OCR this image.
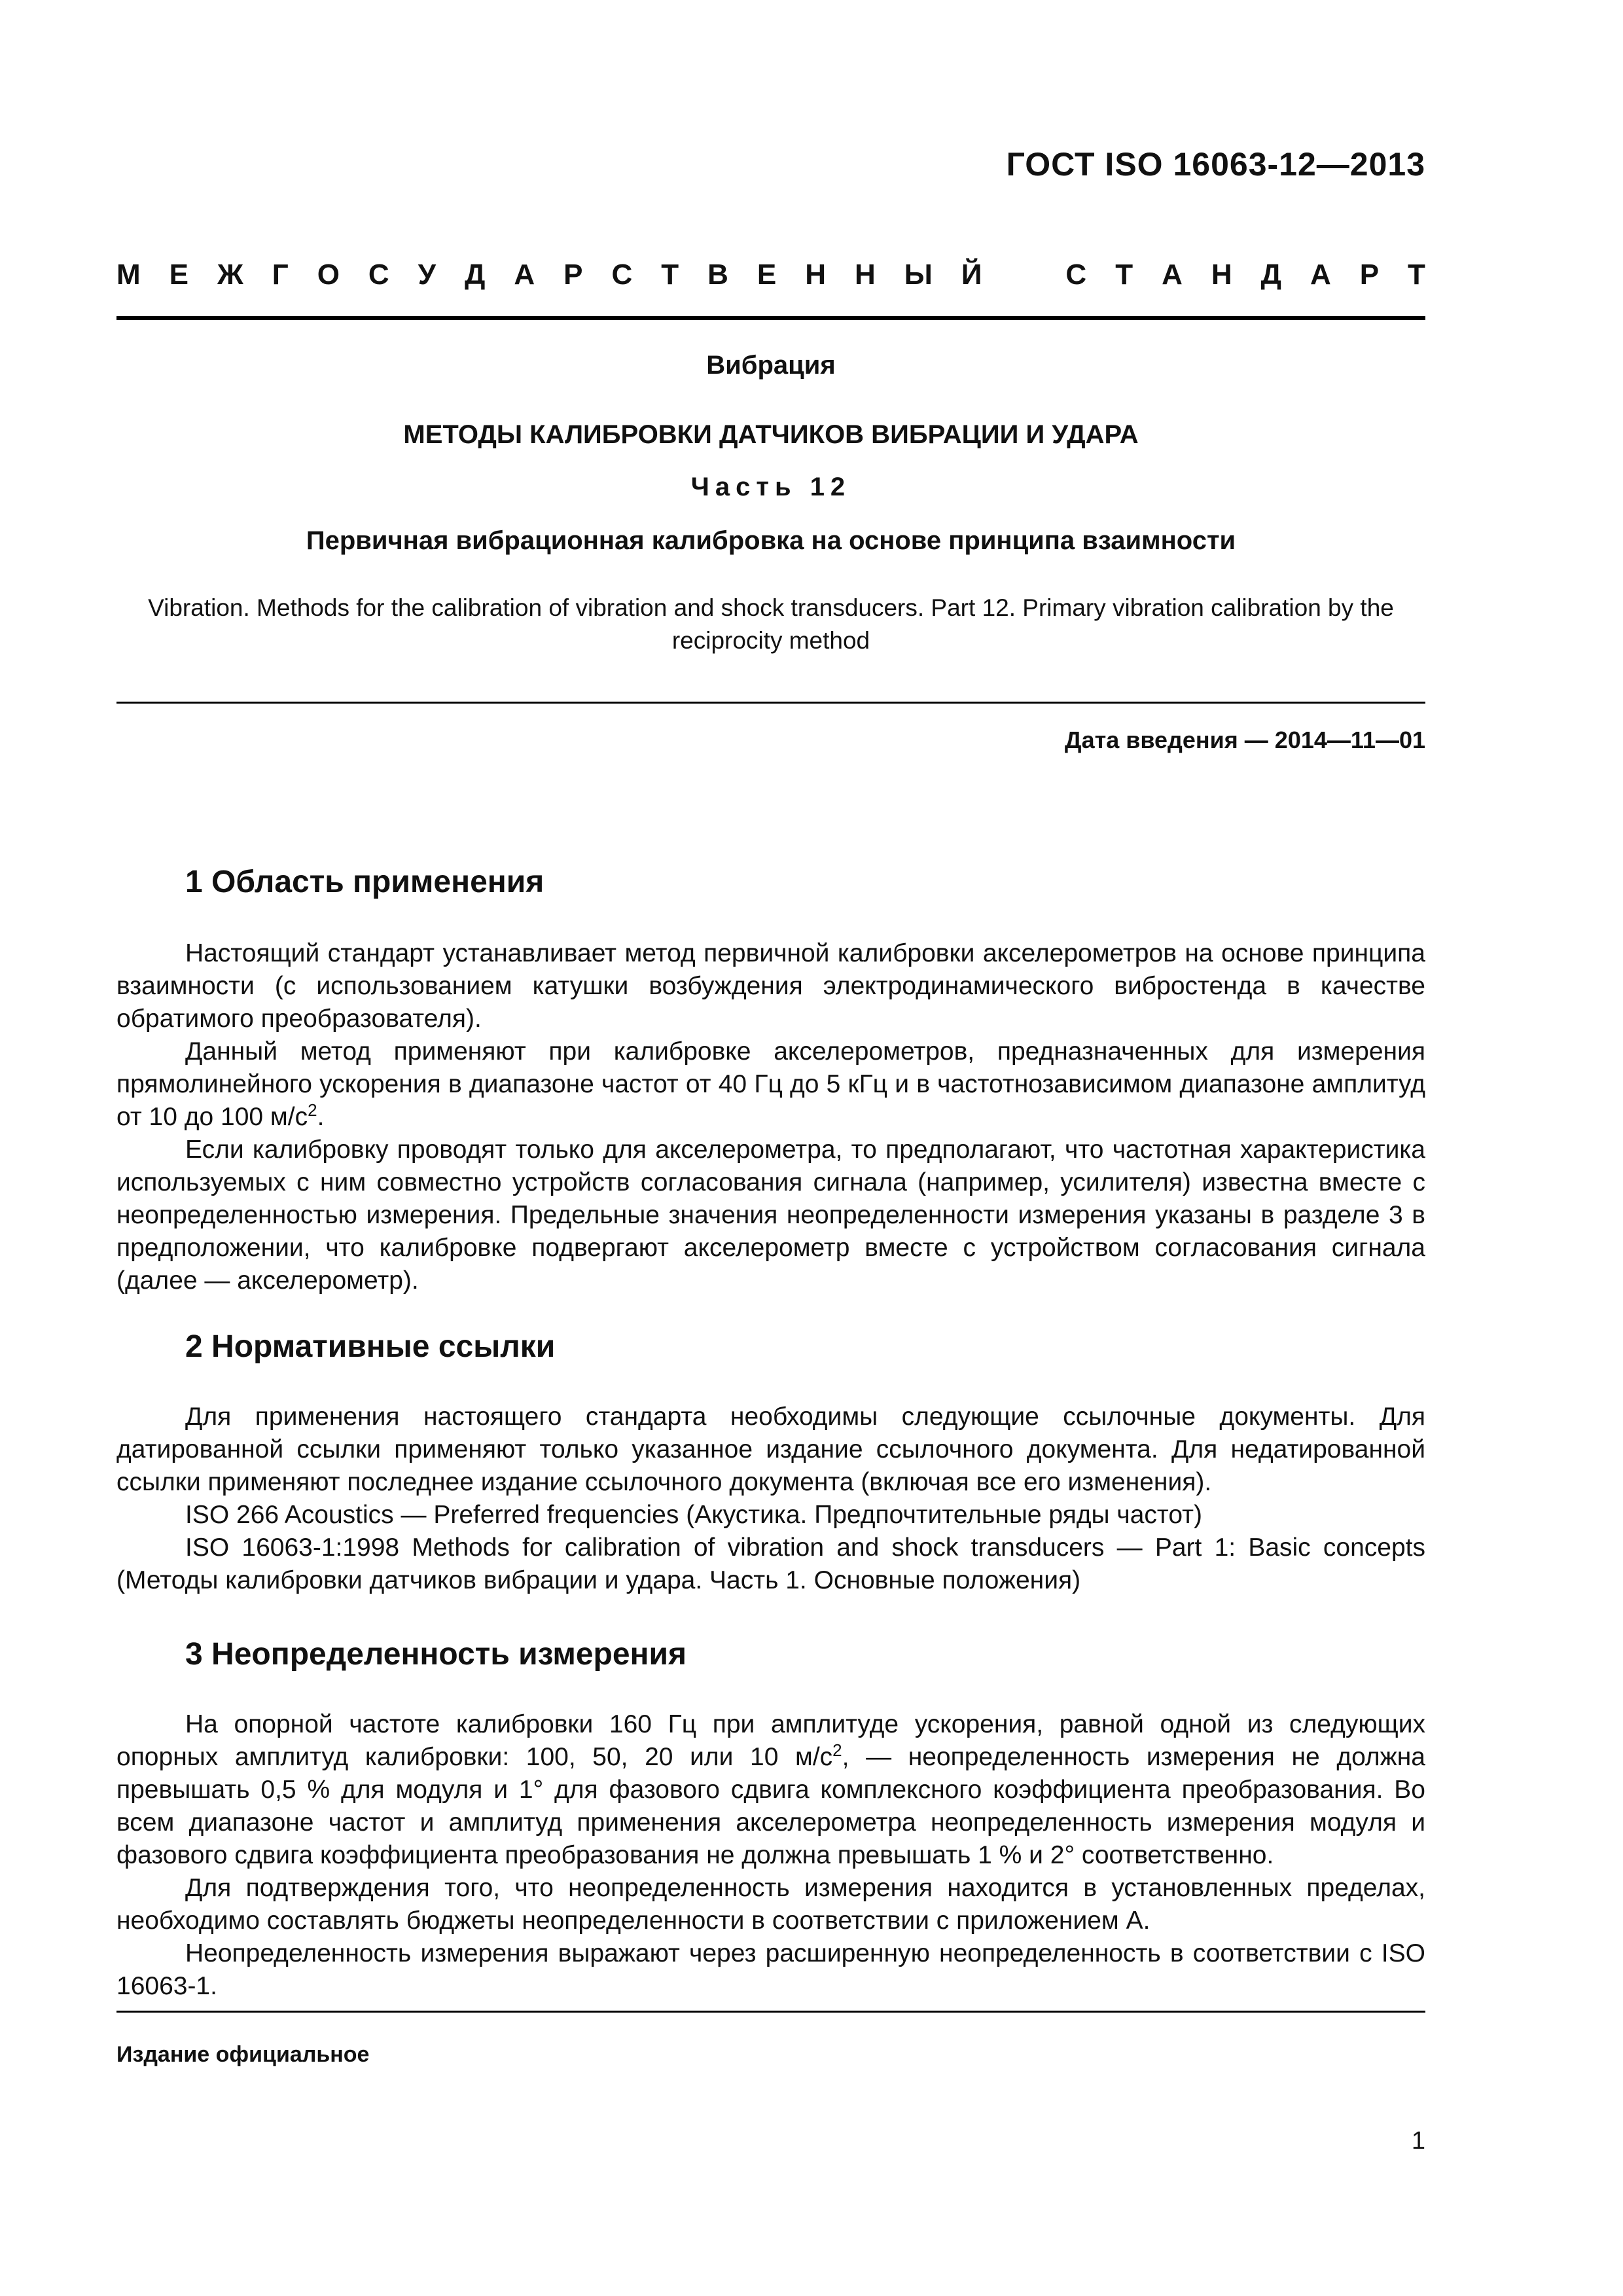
ГОСТ ISO 16063-12—2013
М Е Ж Г О С У Д А Р С Т В Е Н Н Ы Й	С Т А Н Д А Р Т
Вибрация
МЕТОДЫ КАЛИБРОВКИ ДАТЧИКОВ ВИБРАЦИИ И УДАРА
Часть 12
Первичная вибрационная калибровка на основе принципа взаимности
Vibration. Methods for the calibration of vibration and shock transducers. Part 12. Primary vibration calibration by the
reciprocity method
Дата введения — 2014—11—01
1 Область применения

Настоящий стандарт устанавливает метод первичной калибровки акселерометров на основе принципа взаимности (с использованием катушки возбуждения электродинамического вибростенда в качестве обратимого преобразователя).

Данный метод применяют при калибровке акселерометров, предназначенных для измерения прямолинейного ускорения в диапазоне частот от 40 Гц до 5 кГц и в частотнозависимом диапазоне амплитуд от 10 до 100 $м/с^2$.

Если калибровку проводят только для акселерометра, то предполагают, что частотная характеристика используемых с ним совместно устройств согласования сигнала (например, усилителя) известна вместе с неопределенностью измерения. Предельные значения неопределенности измерения указаны в разделе 3 в предположении, что калибровке подвергают акселерометр вместе с устройством согласования сигнала (далее — акселерометр).

2 Нормативные ссылки

Для применения настоящего стандарта необходимы следующие ссылочные документы. Для датированной ссылки применяют только указанное издание ссылочного документа. Для недатированной ссылки применяют последнее издание ссылочного документа (включая все его изменения).

ISO 266 Acoustics — Preferred frequencies (Акустика. Предпочтительные ряды частот)

ISO 16063-1:1998 Methods for calibration of vibration and shock transducers — Part 1: Basic concepts (Методы калибровки датчиков вибрации и удара. Часть 1. Основные положения)

3 Неопределенность измерения

На опорной частоте калибровки 160 Гц при амплитуде ускорения, равной одной из следующих опорных амплитуд калибровки: 100, 50, 20 или 10 $м/с^2$, — неопределенность измерения не должна превышать 0,5 % для модуля и 1° для фазового сдвига комплексного коэффициента преобразования. Во всем диапазоне частот и амплитуд применения акселерометра неопределенность измерения модуля и фазового сдвига коэффициента преобразования не должна превышать 1 % и 2° соответственно.

Для подтверждения того, что неопределенность измерения находится в установленных пределах, необходимо составлять бюджеты неопределенности в соответствии с приложением А.

Неопределенность измерения выражают через расширенную неопределенность в соответствии с ISO 16063-1.

Издание официальное
1
